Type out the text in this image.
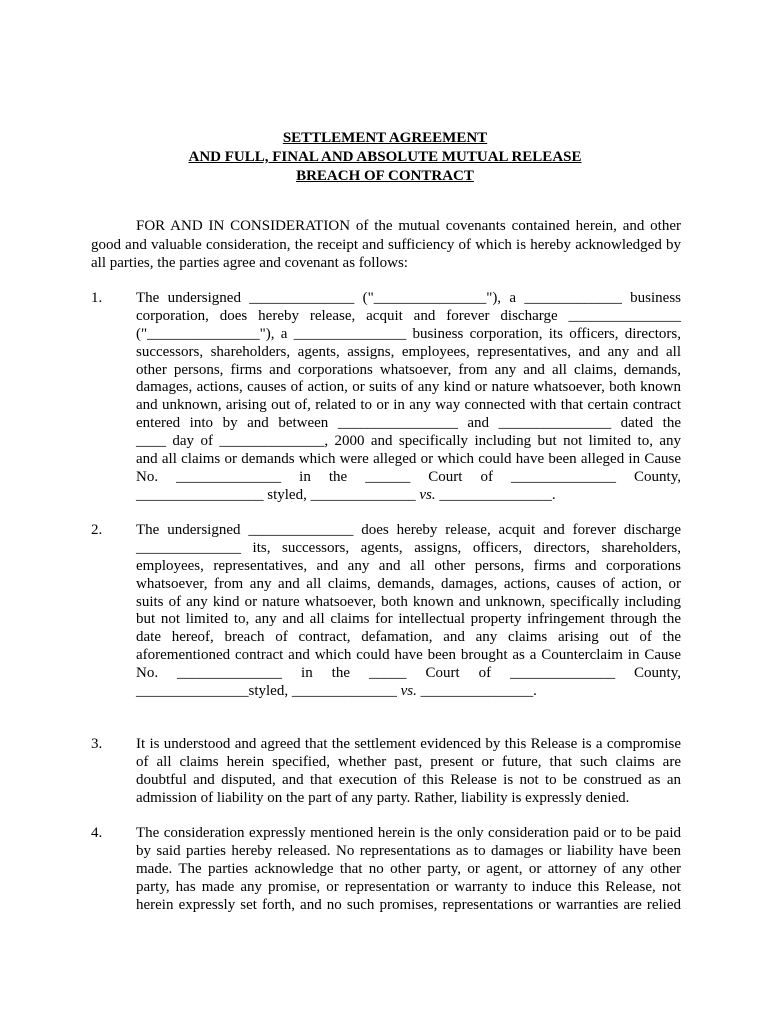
SETTLEMENT AGREEMENT
AND FULL, FINAL AND ABSOLUTE MUTUAL RELEASE
BREACH OF CONTRACT
FOR AND IN CONSIDERATION of the mutual covenants contained herein, and other good and valuable consideration, the receipt and sufficiency of which is hereby acknowledged by all parties, the parties agree and covenant as follows:
1. The undersigned ______________ ("_______________"), a _____________ business
corporation, does hereby release, acquit and forever discharge _______________
("_______________"), a _______________ business corporation, its officers, directors,
successors, shareholders, agents, assigns, employees, representatives, and any and all
other persons, firms and corporations whatsoever, from any and all claims, demands,
damages, actions, causes of action, or suits of any kind or nature whatsoever, both known
and unknown, arising out of, related to or in any way connected with that certain contract
entered into by and between ________________ and _______________ dated the
____ day of ______________, 2000 and specifically including but not limited to, any
and all claims or demands which were alleged or which could have been alleged in Cause
No. ______________ in the ______ Court of ______________ County,
_________________ styled, ______________ vs. _______________.
2. The undersigned ______________ does hereby release, acquit and forever discharge
______________ its, successors, agents, assigns, officers, directors, shareholders,
employees, representatives, and any and all other persons, firms and corporations
whatsoever, from any and all claims, demands, damages, actions, causes of action, or
suits of any kind or nature whatsoever, both known and unknown, specifically including
but not limited to, any and all claims for intellectual property infringement through the
date hereof, breach of contract, defamation, and any claims arising out of the
aforementioned contract and which could have been brought as a Counterclaim in Cause
No. ______________ in the _____ Court of ______________ County,
_______________styled, ______________ vs. _______________.
3. It is understood and agreed that the settlement evidenced by this Release is a compromise
of all claims herein specified, whether past, present or future, that such claims are
doubtful and disputed, and that execution of this Release is not to be construed as an
admission of liability on the part of any party. Rather, liability is expressly denied.
4. The consideration expressly mentioned herein is the only consideration paid or to be paid
by said parties hereby released. No representations as to damages or liability have been
made. The parties acknowledge that no other party, or agent, or attorney of any other
party, has made any promise, or representation or warranty to induce this Release, not
herein expressly set forth, and no such promises, representations or warranties are relied
